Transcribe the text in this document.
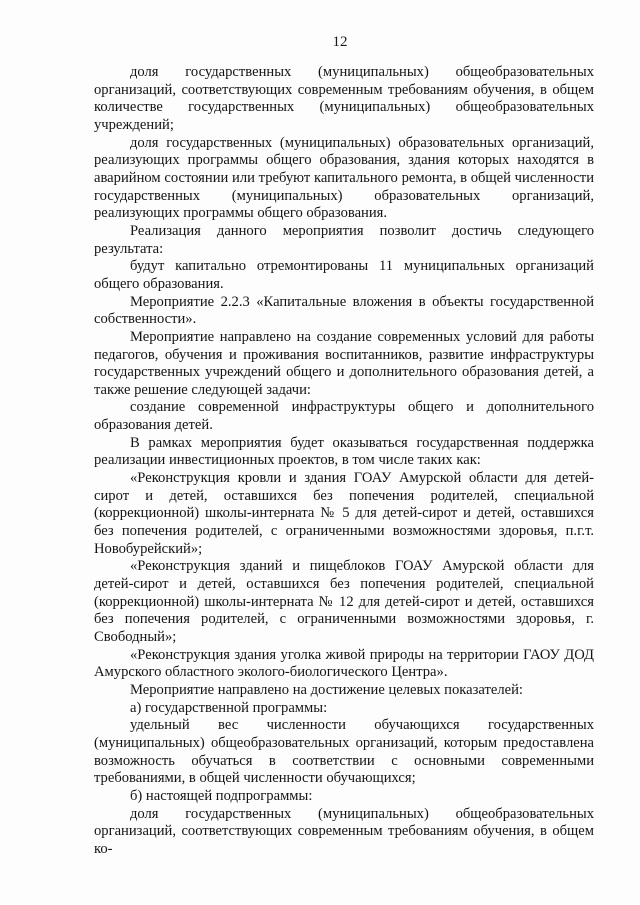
12

доля государственных (муниципальных) общеобразовательных организаций, соответствующих современным требованиям обучения, в общем количестве государственных (муниципальных) общеобразовательных учреждений;

доля государственных (муниципальных) образовательных организаций, реализующих программы общего образования, здания которых находятся в аварийном состоянии или требуют капитального ремонта, в общей численности государственных (муниципальных) образовательных организаций, реализующих программы общего образования.

Реализация данного мероприятия позволит достичь следующего результата:

будут капитально отремонтированы 11 муниципальных организаций общего образования.

Мероприятие 2.2.3 «Капитальные вложения в объекты государственной собственности».

Мероприятие направлено на создание современных условий для работы педагогов, обучения и проживания воспитанников, развитие инфраструктуры государственных учреждений общего и дополнительного образования детей, а также решение следующей задачи:

создание современной инфраструктуры общего и дополнительного образования детей.

В рамках мероприятия будет оказываться государственная поддержка реализации инвестиционных проектов, в том числе таких как:

«Реконструкция кровли и здания ГОАУ Амурской области для детей-сирот и детей, оставшихся без попечения родителей, специальной (коррекционной) школы-интерната № 5 для детей-сирот и детей, оставшихся без попечения родителей, с ограниченными возможностями здоровья, п.г.т. Новобурейский»;

«Реконструкция зданий и пищеблоков ГОАУ Амурской области для детей-сирот и детей, оставшихся без попечения родителей, специальной (коррекционной) школы-интерната № 12 для детей-сирот и детей, оставшихся без попечения родителей, с ограниченными возможностями здоровья, г. Свободный»;

«Реконструкция здания уголка живой природы на территории ГАОУ ДОД Амурского областного эколого-биологического Центра».

Мероприятие направлено на достижение целевых показателей:

а) государственной программы:

удельный вес численности обучающихся государственных (муниципальных) общеобразовательных организаций, которым предоставлена возможность обучаться в соответствии с основными современными требованиями, в общей численности обучающихся;

б) настоящей подпрограммы:

доля государственных (муниципальных) общеобразовательных организаций, соответствующих современным требованиям обучения, в общем ко-
